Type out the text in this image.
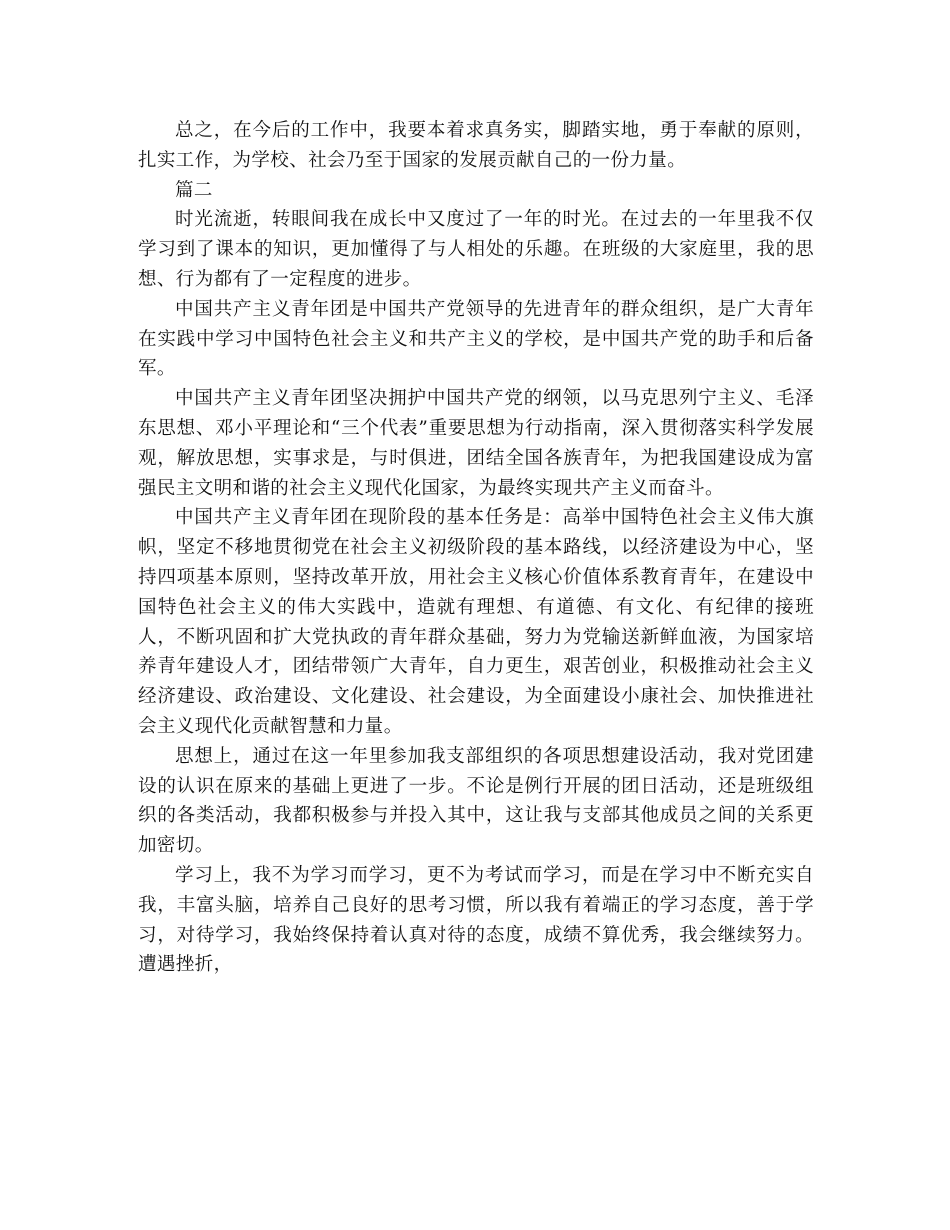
总之，在今后的工作中，我要本着求真务实，脚踏实地，勇于奉献的原则，扎实工作，为学校、社会乃至于国家的发展贡献自己的一份力量。

篇二

时光流逝，转眼间我在成长中又度过了一年的时光。在过去的一年里我不仅学习到了课本的知识，更加懂得了与人相处的乐趣。在班级的大家庭里，我的思想、行为都有了一定程度的进步。

中国共产主义青年团是中国共产党领导的先进青年的群众组织，是广大青年在实践中学习中国特色社会主义和共产主义的学校，是中国共产党的助手和后备军。

中国共产主义青年团坚决拥护中国共产党的纲领，以马克思列宁主义、毛泽东思想、邓小平理论和“三个代表”重要思想为行动指南，深入贯彻落实科学发展观，解放思想，实事求是，与时俱进，团结全国各族青年，为把我国建设成为富强民主文明和谐的社会主义现代化国家，为最终实现共产主义而奋斗。

中国共产主义青年团在现阶段的基本任务是：高举中国特色社会主义伟大旗帜，坚定不移地贯彻党在社会主义初级阶段的基本路线，以经济建设为中心，坚持四项基本原则，坚持改革开放，用社会主义核心价值体系教育青年，在建设中国特色社会主义的伟大实践中，造就有理想、有道德、有文化、有纪律的接班人，不断巩固和扩大党执政的青年群众基础，努力为党输送新鲜血液，为国家培养青年建设人才，团结带领广大青年，自力更生，艰苦创业，积极推动社会主义经济建设、政治建设、文化建设、社会建设，为全面建设小康社会、加快推进社会主义现代化贡献智慧和力量。

思想上，通过在这一年里参加我支部组织的各项思想建设活动，我对党团建设的认识在原来的基础上更进了一步。不论是例行开展的团日活动，还是班级组织的各类活动，我都积极参与并投入其中，这让我与支部其他成员之间的关系更加密切。

学习上，我不为学习而学习，更不为考试而学习，而是在学习中不断充实自我，丰富头脑，培养自己良好的思考习惯，所以我有着端正的学习态度，善于学习，对待学习，我始终保持着认真对待的态度，成绩不算优秀，我会继续努力。遭遇挫折，
